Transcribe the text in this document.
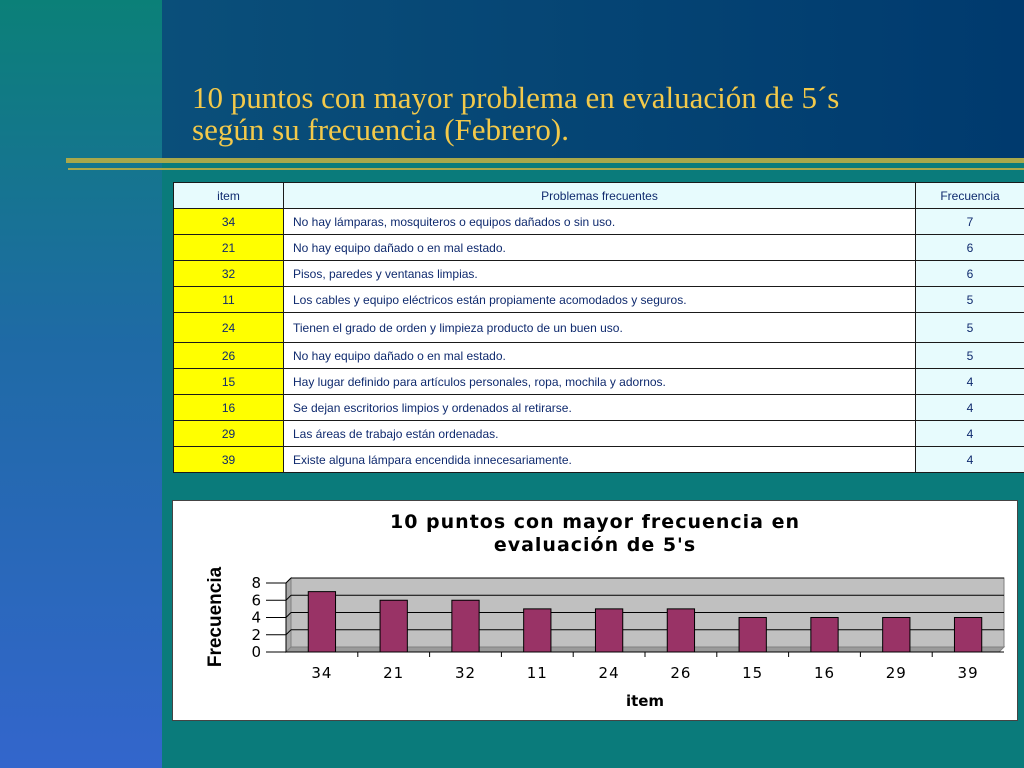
10 puntos con mayor problema en evaluación de 5´s
según su frecuencia (Febrero).
item	Problemas frecuentes	Frecuencia
34	No hay lámparas, mosquiteros o equipos dañados o sin uso.	7
21	No hay equipo dañado o en mal estado.	6
32	Pisos, paredes y ventanas limpias.	6
11	Los cables y equipo eléctricos están propiamente acomodados y seguros.	5
24	Tienen el grado de orden y limpieza producto de un buen uso.	5
26	No hay equipo dañado o en mal estado.	5
15	Hay lugar definido para artículos personales, ropa, mochila y adornos.	4
16	Se dejan escritorios limpios y ordenados al retirarse.	4
29	Las áreas de trabajo están ordenadas.	4
39	Existe alguna lámpara encendida innecesariamente.	4
10 puntos con mayor frecuencia en
evaluación de 5's
0
2
4
6
8
34	21	32	11	24	26	15	16	29	39
item
Frecuencia
